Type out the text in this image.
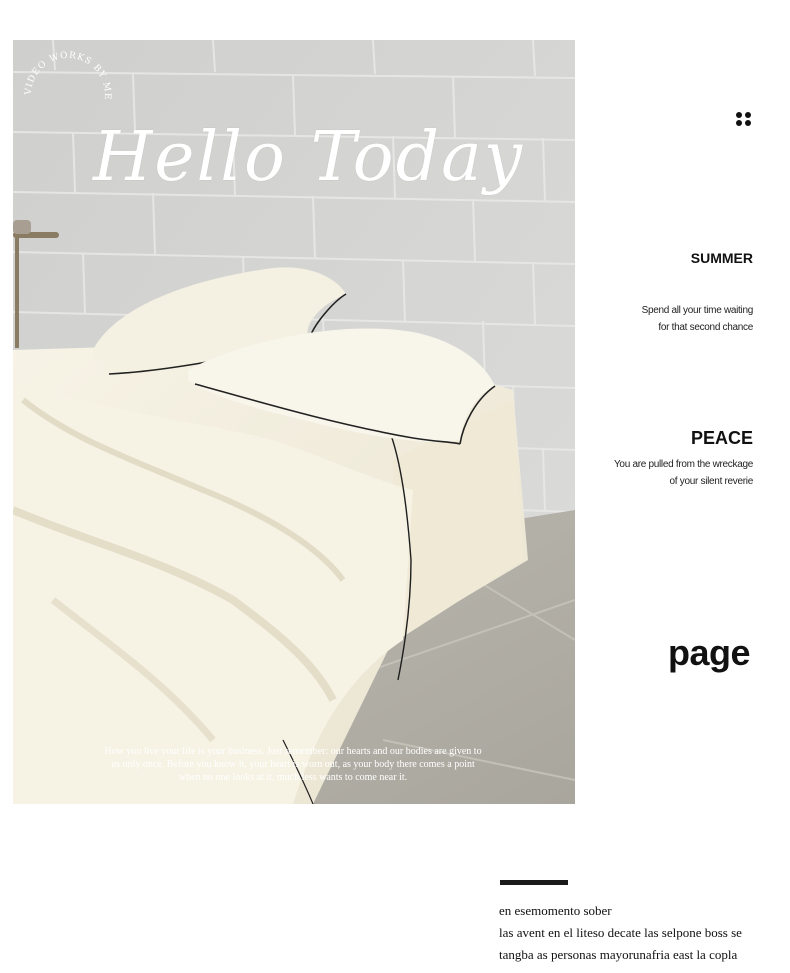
Hello Today
VIDEO WORKS BY ME
How you live your life is your business. Just remember: our hearts and our bodies are given to
us only once. Before you know it, your heart is worn out, as your body there comes a point
when no one looks at it, much less wants to come near it.
SUMMER
Spend all your time waiting
for that second chance
PEACE
You are pulled from the wreckage
of your silent reverie
page
en esemomento sober
las avent en el liteso decate las selpone boss se
tangba as personas mayorunafria east la copla
